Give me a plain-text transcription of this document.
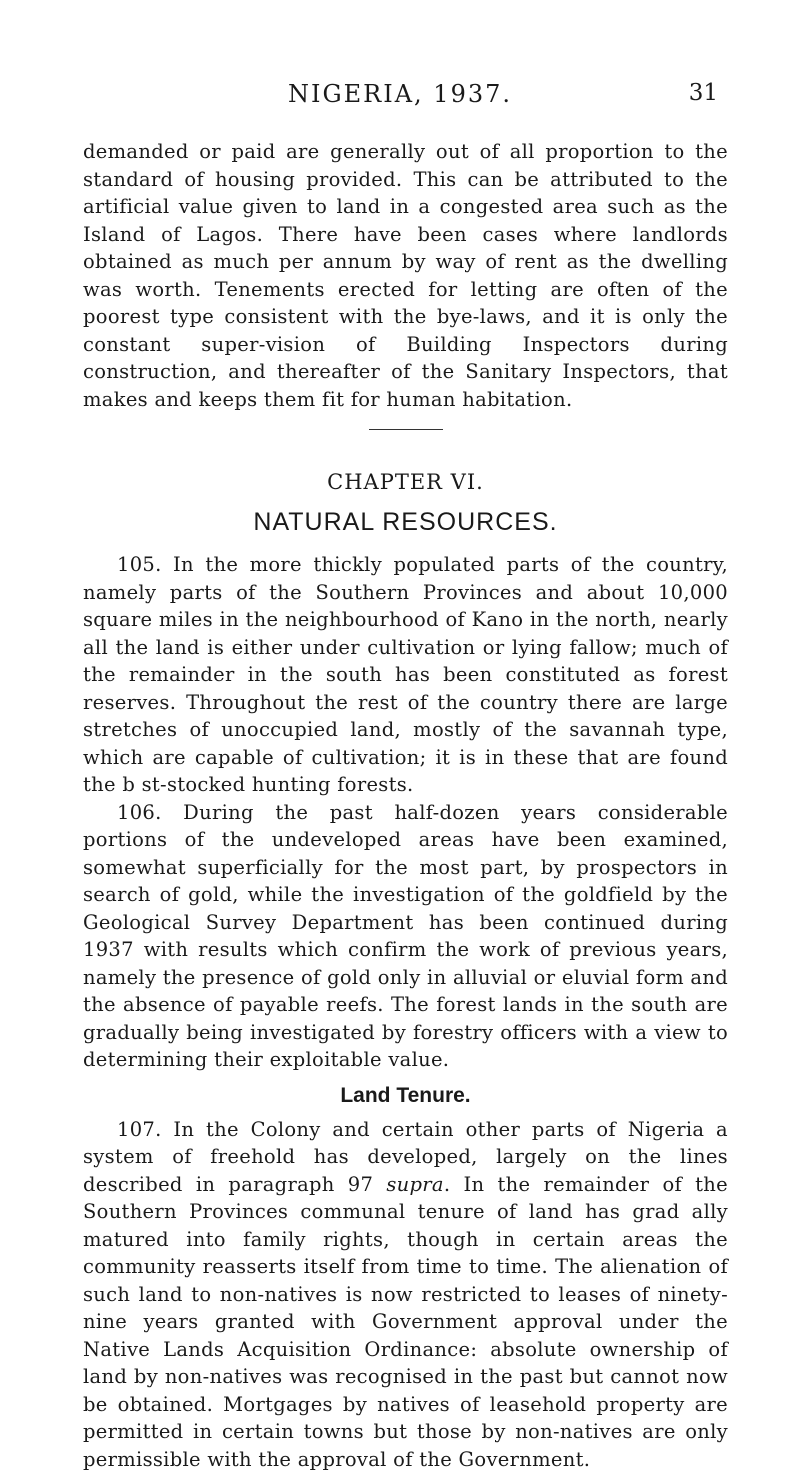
NIGERIA, 1937.	31

demanded or paid are generally out of all proportion to the standard of housing provided. This can be attributed to the artificial value given to land in a congested area such as the Island of Lagos. There have been cases where landlords obtained as much per annum by way of rent as the dwelling was worth. Tenements erected for letting are often of the poorest type consistent with the bye-laws, and it is only the constant super-vision of Building Inspectors during construction, and thereafter of the Sanitary Inspectors, that makes and keeps them fit for human habitation.

CHAPTER VI.
NATURAL RESOURCES.

105. In the more thickly populated parts of the country, namely parts of the Southern Provinces and about 10,000 square miles in the neighbourhood of Kano in the north, nearly all the land is either under cultivation or lying fallow; much of the remainder in the south has been constituted as forest reserves. Throughout the rest of the country there are large stretches of unoccupied land, mostly of the savannah type, which are capable of cultivation; it is in these that are found the b st-stocked hunting forests.

106. During the past half-dozen years considerable portions of the undeveloped areas have been examined, somewhat superficially for the most part, by prospectors in search of gold, while the investigation of the goldfield by the Geological Survey Department has been continued during 1937 with results which confirm the work of previous years, namely the presence of gold only in alluvial or eluvial form and the absence of payable reefs. The forest lands in the south are gradually being investigated by forestry officers with a view to determining their exploitable value.

Land Tenure.

107. In the Colony and certain other parts of Nigeria a system of freehold has developed, largely on the lines described in paragraph 97 supra. In the remainder of the Southern Provinces communal tenure of land has grad ally matured into family rights, though in certain areas the community reasserts itself from time to time. The alienation of such land to non-natives is now restricted to leases of ninety-nine years granted with Government approval under the Native Lands Acquisition Ordinance: absolute ownership of land by non-natives was recognised in the past but cannot now be obtained. Mortgages by natives of leasehold property are permitted in certain towns but those by non-natives are only permissible with the approval of the Government.
